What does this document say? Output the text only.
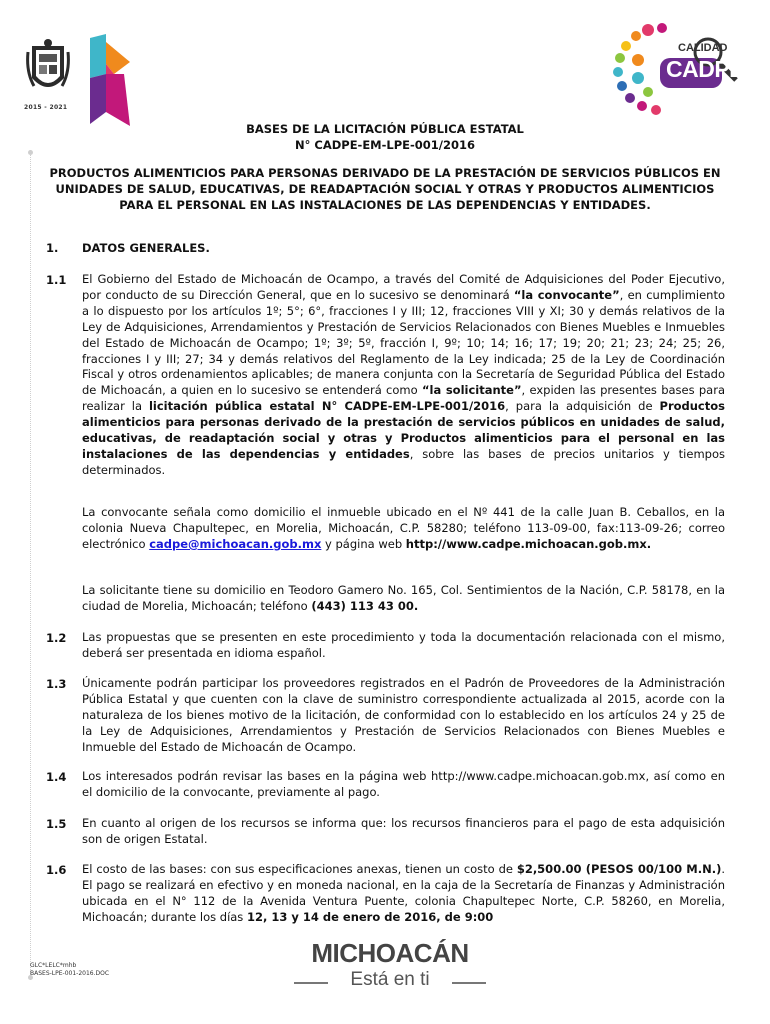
2015 - 2021
CALIDAD
CADPE
BASES DE LA LICITACIÓN PÚBLICA ESTATAL
N° CADPE-EM-LPE-001/2016
PRODUCTOS ALIMENTICIOS PARA PERSONAS DERIVADO DE LA PRESTACIÓN DE SERVICIOS PÚBLICOS EN UNIDADES DE SALUD, EDUCATIVAS, DE READAPTACIÓN SOCIAL Y OTRAS Y PRODUCTOS ALIMENTICIOS PARA EL PERSONAL EN LAS INSTALACIONES DE LAS DEPENDENCIAS Y ENTIDADES.
1. DATOS GENERALES.
1.1 El Gobierno del Estado de Michoacán de Ocampo, a través del Comité de Adquisiciones del Poder Ejecutivo, por conducto de su Dirección General, que en lo sucesivo se denominará “la convocante”, en cumplimiento a lo dispuesto por los artículos 1º; 5°; 6°, fracciones I y III; 12, fracciones VIII y XI; 30 y demás relativos de la Ley de Adquisiciones, Arrendamientos y Prestación de Servicios Relacionados con Bienes Muebles e Inmuebles del Estado de Michoacán de Ocampo; 1º; 3º; 5º, fracción I, 9º; 10; 14; 16; 17; 19; 20; 21; 23; 24; 25; 26, fracciones I y III; 27; 34 y demás relativos del Reglamento de la Ley indicada; 25 de la Ley de Coordinación Fiscal y otros ordenamientos aplicables; de manera conjunta con la Secretaría de Seguridad Pública del Estado de Michoacán, a quien en lo sucesivo se entenderá como “la solicitante”, expiden las presentes bases para realizar la licitación pública estatal N° CADPE-EM-LPE-001/2016, para la adquisición de Productos alimenticios para personas derivado de la prestación de servicios públicos en unidades de salud, educativas, de readaptación social y otras y Productos alimenticios para el personal en las instalaciones de las dependencias y entidades, sobre las bases de precios unitarios y tiempos determinados.
La convocante señala como domicilio el inmueble ubicado en el Nº 441 de la calle Juan B. Ceballos, en la colonia Nueva Chapultepec, en Morelia, Michoacán, C.P. 58280; teléfono 113-09-00, fax:113-09-26; correo electrónico cadpe@michoacan.gob.mx y página web http://www.cadpe.michoacan.gob.mx.
La solicitante tiene su domicilio en Teodoro Gamero No. 165, Col. Sentimientos de la Nación, C.P. 58178, en la ciudad de Morelia, Michoacán; teléfono (443) 113 43 00.
1.2 Las propuestas que se presenten en este procedimiento y toda la documentación relacionada con el mismo, deberá ser presentada en idioma español.
1.3 Únicamente podrán participar los proveedores registrados en el Padrón de Proveedores de la Administración Pública Estatal y que cuenten con la clave de suministro correspondiente actualizada al 2015, acorde con la naturaleza de los bienes motivo de la licitación, de conformidad con lo establecido en los artículos 24 y 25 de la Ley de Adquisiciones, Arrendamientos y Prestación de Servicios Relacionados con Bienes Muebles e Inmueble del Estado de Michoacán de Ocampo.
1.4 Los interesados podrán revisar las bases en la página web http://www.cadpe.michoacan.gob.mx, así como en el domicilio de la convocante, previamente al pago.
1.5 En cuanto al origen de los recursos se informa que: los recursos financieros para el pago de esta adquisición son de origen Estatal.
1.6 El costo de las bases: con sus especificaciones anexas, tienen un costo de $2,500.00 (PESOS 00/100 M.N.). El pago se realizará en efectivo y en moneda nacional, en la caja de la Secretaría de Finanzas y Administración ubicada en el N° 112 de la Avenida Ventura Puente, colonia Chapultepec Norte, C.P. 58260, en Morelia, Michoacán; durante los días 12, 13 y 14 de enero de 2016, de 9:00
GLC*LELC*mhb
BASES-LPE-001-2016.DOC
MICHOACÁN
Está en ti
